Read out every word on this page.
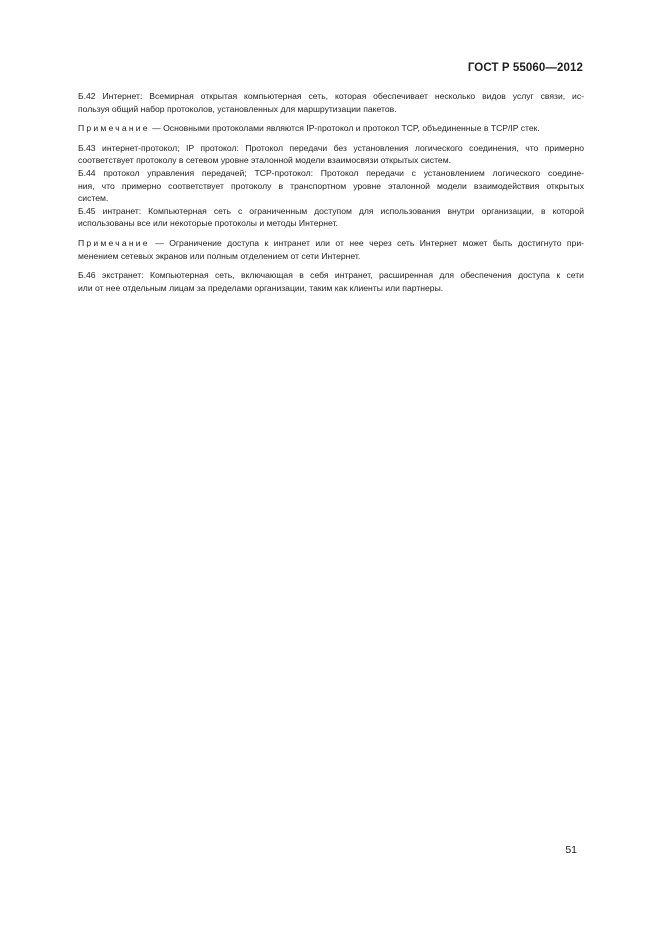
ГОСТ Р 55060—2012

Б.42 Интернет: Всемирная открытая компьютерная сеть, которая обеспечивает несколько видов услуг связи, ис-
пользуя общий набор протоколов, установленных для маршрутизации пакетов.

Примечание — Основными протоколами являются IP-протокол и протокол TCP, объединенные в TCP/IP стек.

Б.43 интернет-протокол; IP протокол: Протокол передачи без установления логического соединения, что примерно
соответствует протоколу в сетевом уровне эталонной модели взаимосвязи открытых систем.

Б.44 протокол управления передачей; TCP-протокол: Протокол передачи с установлением логического соедине-
ния, что примерно соответствует протоколу в транспортном уровне эталонной модели взаимодействия открытых
систем.

Б.45 интранет: Компьютерная сеть с ограниченным доступом для использования внутри организации, в которой
использованы все или некоторые протоколы и методы Интернет.

Примечание — Ограничение доступа к интранет или от нее через сеть Интернет может быть достигнуто при-
менением сетевых экранов или полным отделением от сети Интернет.

Б.46 экстранет: Компьютерная сеть, включающая в себя интранет, расширенная для обеспечения доступа к сети
или от нее отдельным лицам за пределами организации, таким как клиенты или партнеры.

51
